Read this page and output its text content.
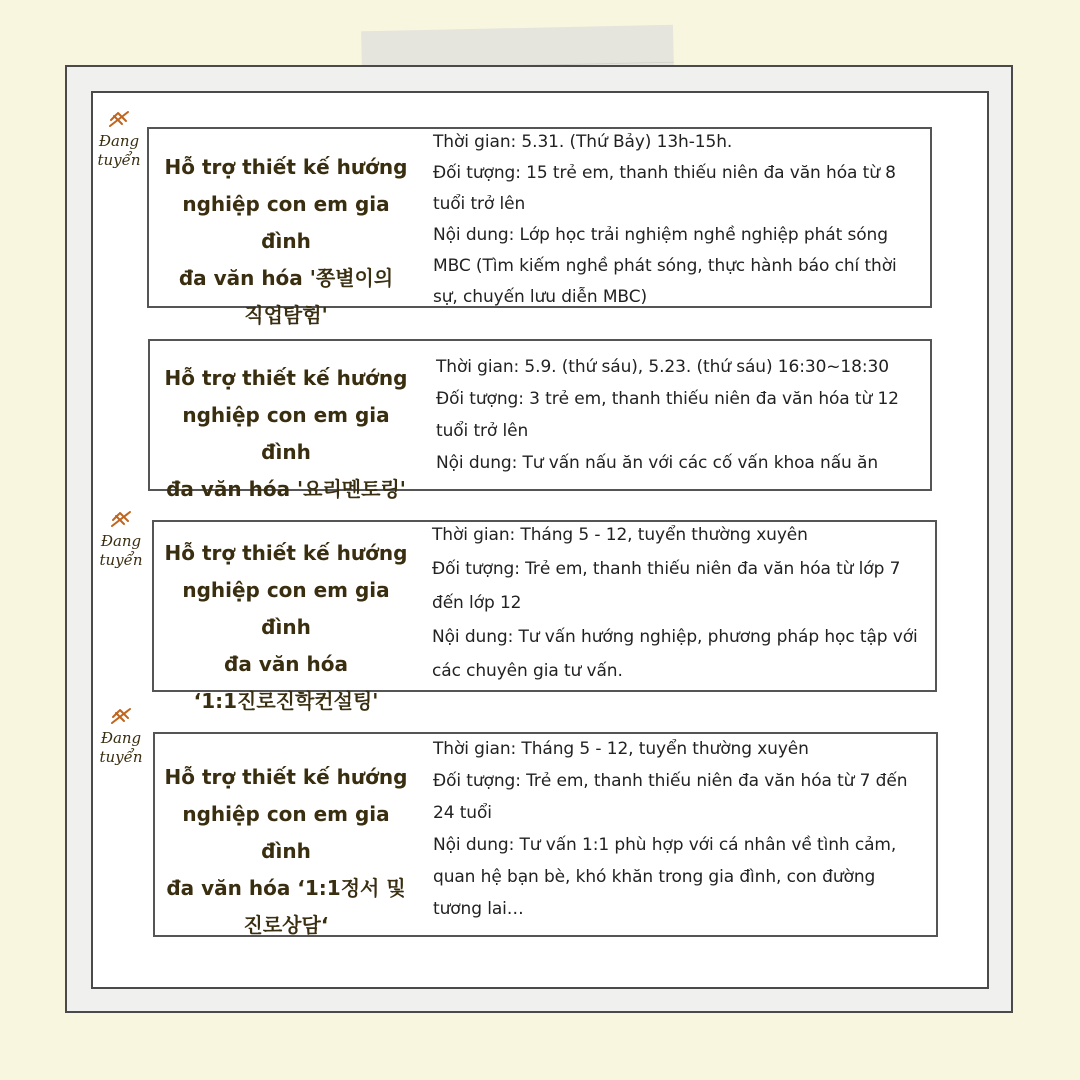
Đang
tuyển
Đang
tuyển
Đang
tuyển
Hỗ trợ thiết kế hướng
nghiệp con em gia đình
đa văn hóa '쫑별이의
직업탐험'

Thời gian: 5.31. (Thứ Bảy) 13h-15h.

Đối tượng: 15 trẻ em, thanh thiếu niên đa văn hóa từ 8 tuổi trở lên

Nội dung: Lớp học trải nghiệm nghề nghiệp phát sóng MBC (Tìm kiếm nghề phát sóng, thực hành báo chí thời sự, chuyến lưu diễn MBC)

Hỗ trợ thiết kế hướng
nghiệp con em gia đình
đa văn hóa '요리멘토링'

Thời gian: 5.9. (thứ sáu), 5.23. (thứ sáu) 16:30~18:30

Đối tượng: 3 trẻ em, thanh thiếu niên đa văn hóa từ 12 tuổi trở lên

Nội dung: Tư vấn nấu ăn với các cố vấn khoa nấu ăn

Hỗ trợ thiết kế hướng
nghiệp con em gia đình
đa văn hóa
‘1:1진로진학컨설팅'

Thời gian: Tháng 5 - 12, tuyển thường xuyên

Đối tượng: Trẻ em, thanh thiếu niên đa văn hóa từ lớp 7 đến lớp 12

Nội dung: Tư vấn hướng nghiệp, phương pháp học tập với các chuyên gia tư vấn.

Hỗ trợ thiết kế hướng
nghiệp con em gia đình
đa văn hóa ‘1:1정서 및
진로상담‘

Thời gian: Tháng 5 - 12, tuyển thường xuyên

Đối tượng: Trẻ em, thanh thiếu niên đa văn hóa từ 7 đến 24 tuổi

Nội dung: Tư vấn 1:1 phù hợp với cá nhân về tình cảm, quan hệ bạn bè, khó khăn trong gia đình, con đường tương lai…
